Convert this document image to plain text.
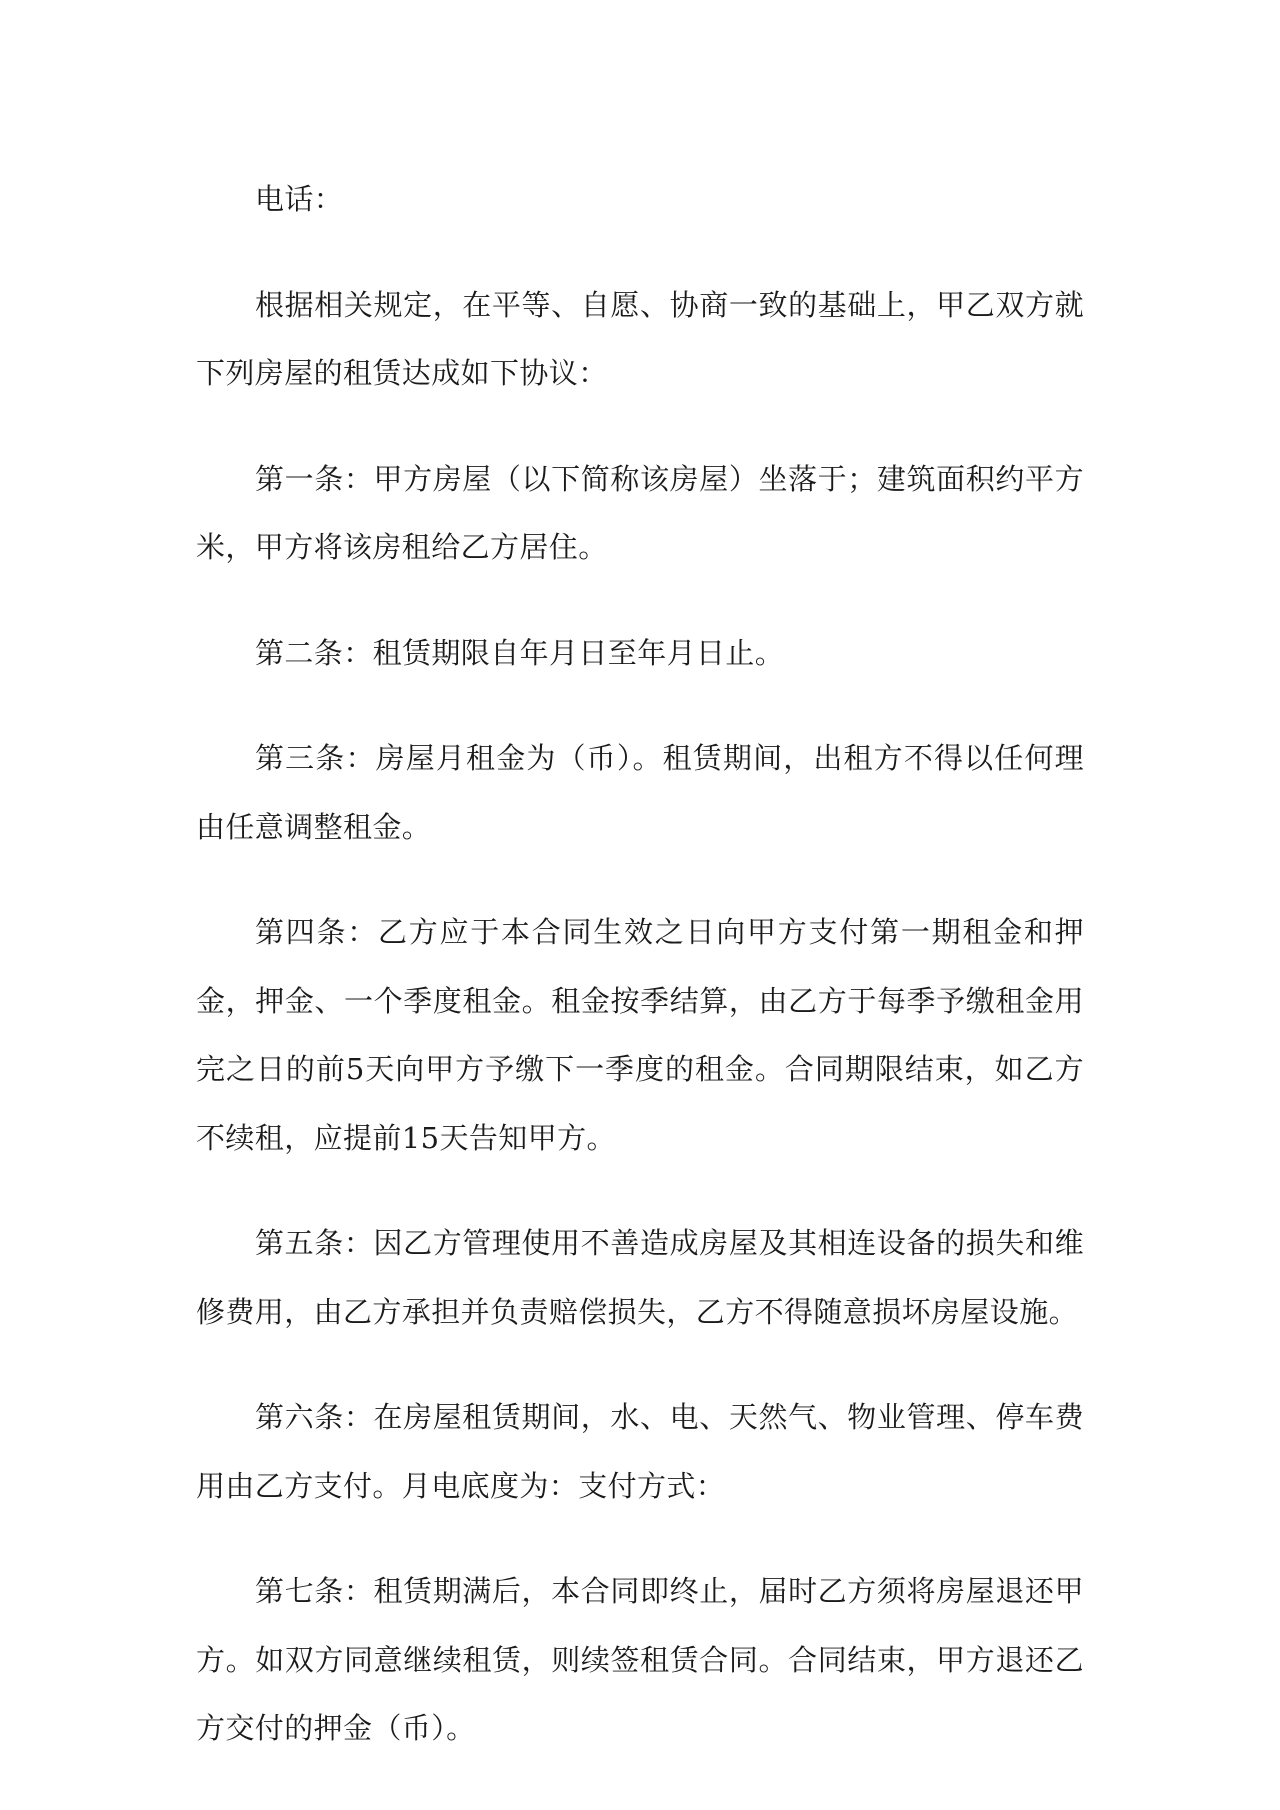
电话：

根据相关规定，在平等、自愿、协商一致的基础上，甲乙双方就下列房屋的租赁达成如下协议：

第一条：甲方房屋（以下简称该房屋）坐落于；建筑面积约平方米，甲方将该房租给乙方居住。

第二条：租赁期限自年月日至年月日止。

第三条：房屋月租金为（币）。租赁期间，出租方不得以任何理由任意调整租金。

第四条：乙方应于本合同生效之日向甲方支付第一期租金和押金，押金、一个季度租金。租金按季结算，由乙方于每季予缴租金用完之日的前5天向甲方予缴下一季度的租金。合同期限结束，如乙方不续租，应提前15天告知甲方。

第五条：因乙方管理使用不善造成房屋及其相连设备的损失和维修费用，由乙方承担并负责赔偿损失，乙方不得随意损坏房屋设施。

第六条：在房屋租赁期间，水、电、天然气、物业管理、停车费用由乙方支付。月电底度为：支付方式：

第七条：租赁期满后，本合同即终止，届时乙方须将房屋退还甲方。如双方同意继续租赁，则续签租赁合同。合同结束，甲方退还乙方交付的押金（币）。
